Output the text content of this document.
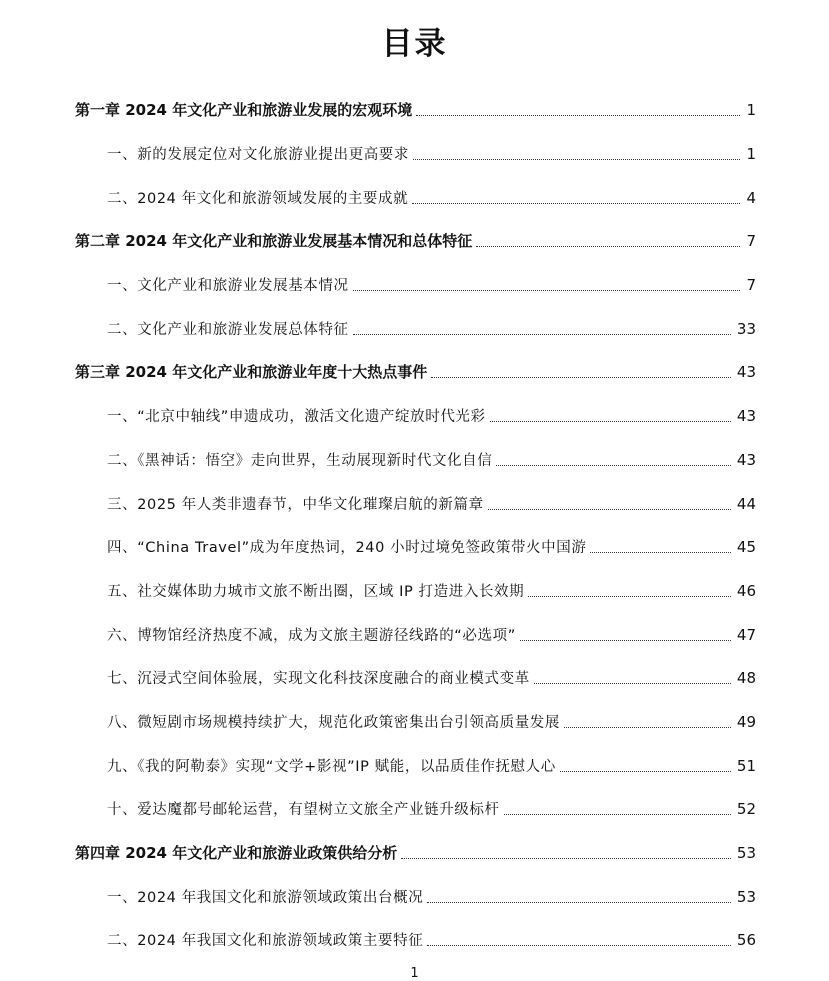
目录
第一章 2024 年文化产业和旅游业发展的宏观环境	1
一、新的发展定位对文化旅游业提出更高要求	1
二、2024 年文化和旅游领域发展的主要成就	4
第二章 2024 年文化产业和旅游业发展基本情况和总体特征	7
一、文化产业和旅游业发展基本情况	7
二、文化产业和旅游业发展总体特征	33
第三章 2024 年文化产业和旅游业年度十大热点事件	43
一、“北京中轴线”申遗成功，激活文化遗产绽放时代光彩	43
二、《黑神话：悟空》走向世界，生动展现新时代文化自信	43
三、2025 年人类非遗春节，中华文化璀璨启航的新篇章	44
四、“China Travel”成为年度热词，240 小时过境免签政策带火中国游	45
五、社交媒体助力城市文旅不断出圈，区域 IP 打造进入长效期	46
六、博物馆经济热度不减，成为文旅主题游径线路的“必选项”	47
七、沉浸式空间体验展，实现文化科技深度融合的商业模式变革	48
八、微短剧市场规模持续扩大，规范化政策密集出台引领高质量发展	49
九、《我的阿勒泰》实现“文学+影视”IP 赋能，以品质佳作抚慰人心	51
十、爱达魔都号邮轮运营，有望树立文旅全产业链升级标杆	52
第四章 2024 年文化产业和旅游业政策供给分析	53
一、2024 年我国文化和旅游领域政策出台概况	53
二、2024 年我国文化和旅游领域政策主要特征	56
1
